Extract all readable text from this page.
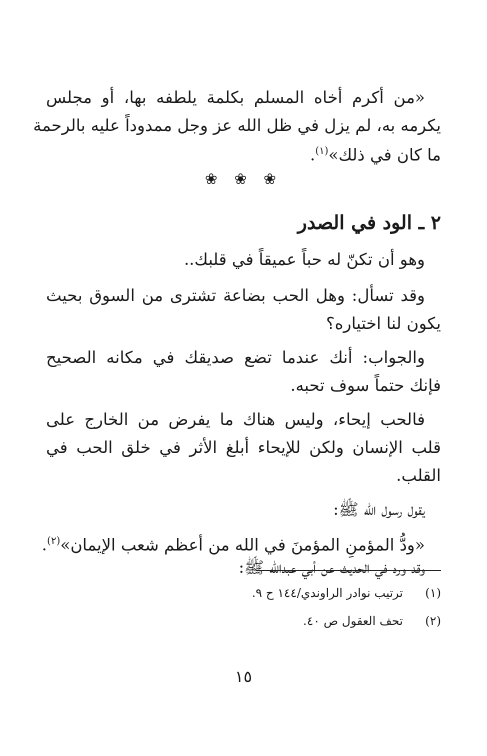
«من أكرم أخاه المسلم بكلمة يلطفه بها، أو مجلس
يكرمه به، لم يزل في ظل الله عز وجل ممدوداً عليه بالرحمة
ما كان في ذلك»$^{(١)}$.
❀ ❀ ❀
٢ ـ الود في الصدر
وهو أن تكنّ له حباً عميقاً في قلبك..
وقد تسأل: وهل الحب بضاعة تشترى من السوق بحيث
يكون لنا اختياره؟
والجواب: أنك عندما تضع صديقك في مكانه الصحيح
فإنك حتماً سوف تحبه.
فالحب إيحاء، وليس هناك ما يفرض من الخارج على
قلب الإنسان ولكن للإيحاء أبلغ الأثر في خلق الحب في
القلب.
يقول رسول الله ﷺ:
«ودُّ المؤمنِ المؤمنَ في الله من أعظم شعب الإيمان»$^{(٢)}$.
وقد ورد في الحديث عن أبي عبدالله ﷺ:
(١)ترتيب نوادر الراوندي/١٤٤ ح ٩.
(٢)تحف العقول ص ٤٠.
١٥
